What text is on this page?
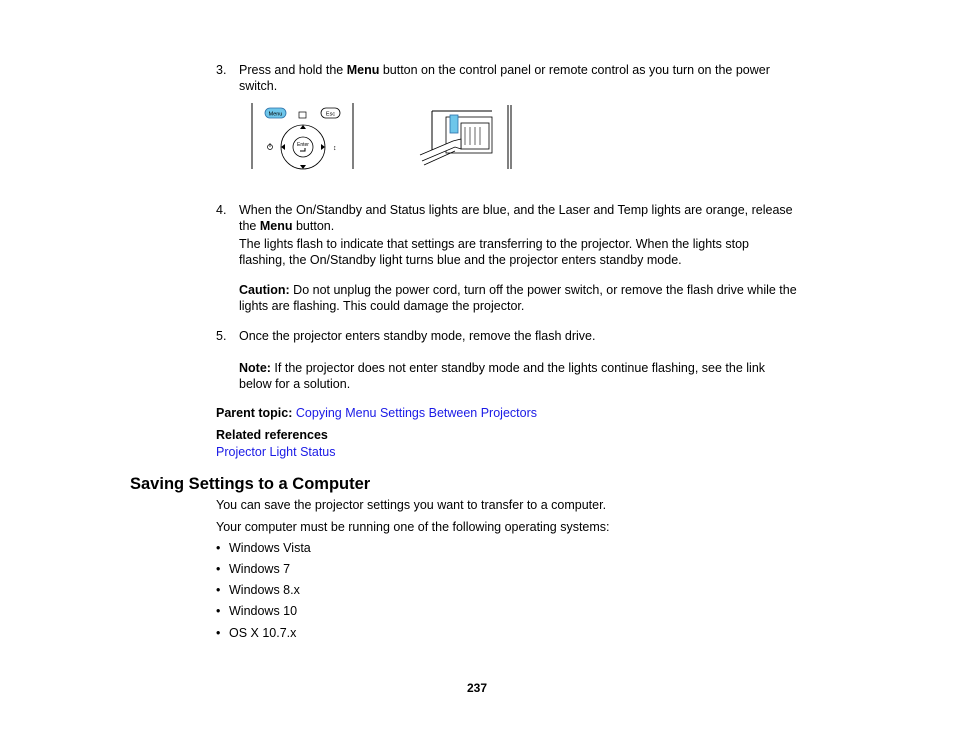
3. Press and hold the Menu button on the control panel or remote control as you turn on the power
switch.
Menu	Esc
Enter	↕
4. When the On/Standby and Status lights are blue, and the Laser and Temp lights are orange, release
the Menu button.
The lights flash to indicate that settings are transferring to the projector. When the lights stop
flashing, the On/Standby light turns blue and the projector enters standby mode.
Caution: Do not unplug the power cord, turn off the power switch, or remove the flash drive while the
lights are flashing. This could damage the projector.
5. Once the projector enters standby mode, remove the flash drive.
Note: If the projector does not enter standby mode and the lights continue flashing, see the link
below for a solution.
Parent topic: Copying Menu Settings Between Projectors
Related references
Projector Light Status
Saving Settings to a Computer
You can save the projector settings you want to transfer to a computer.
Your computer must be running one of the following operating systems:
• Windows Vista
• Windows 7
• Windows 8.x
• Windows 10
• OS X 10.7.x
237
